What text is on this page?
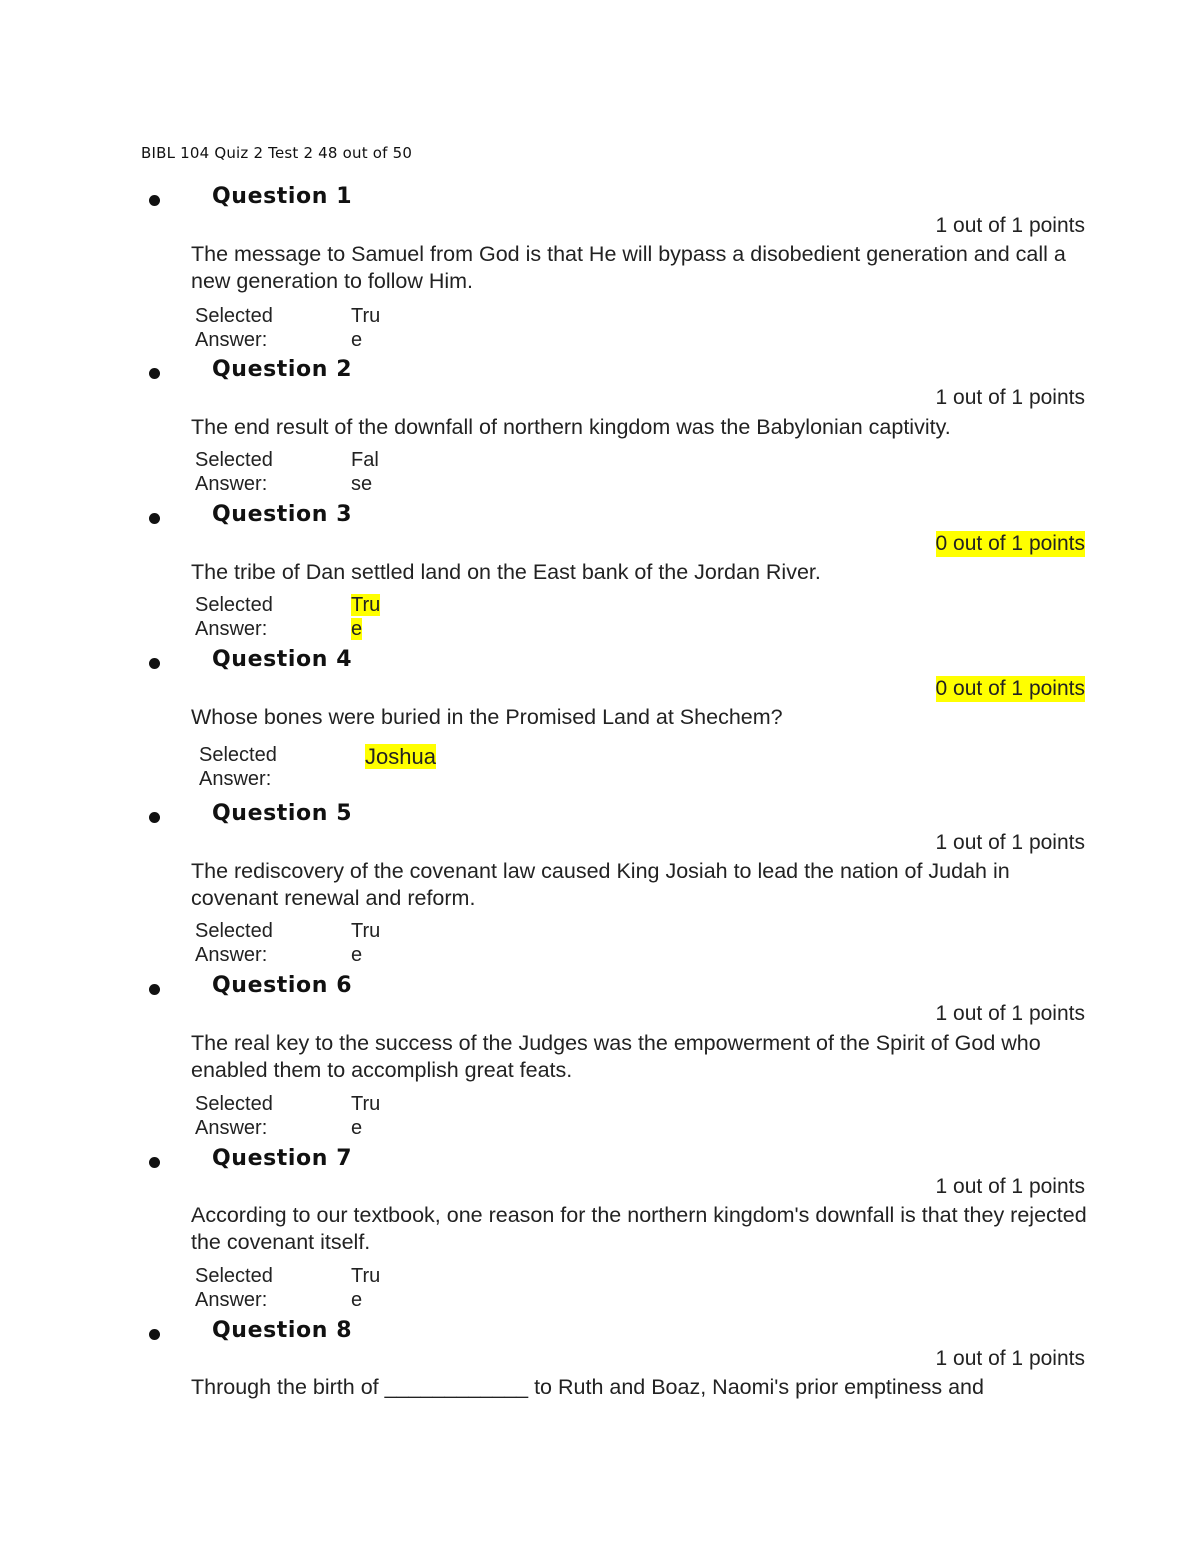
BIBL 104 Quiz 2 Test 2 48 out of 50
Question 1
1 out of 1 points
The message to Samuel from God is that He will bypass a disobedient generation and call a new generation to follow Him.
Selected Answer:
True
Question 2
1 out of 1 points
The end result of the downfall of northern kingdom was the Babylonian captivity.
Selected Answer:
False
Question 3
0 out of 1 points
The tribe of Dan settled land on the East bank of the Jordan River.
Selected Answer:
True
Question 4
0 out of 1 points
Whose bones were buried in the Promised Land at Shechem?
Selected Answer:
Joshua
Question 5
1 out of 1 points
The rediscovery of the covenant law caused King Josiah to lead the nation of Judah in covenant renewal and reform.
Selected Answer:
True
Question 6
1 out of 1 points
The real key to the success of the Judges was the empowerment of the Spirit of God who enabled them to accomplish great feats.
Selected Answer:
True
Question 7
1 out of 1 points
According to our textbook, one reason for the northern kingdom's downfall is that they rejected the covenant itself.
Selected Answer:
True
Question 8
1 out of 1 points
Through the birth of ____________ to Ruth and Boaz, Naomi's prior emptiness and
